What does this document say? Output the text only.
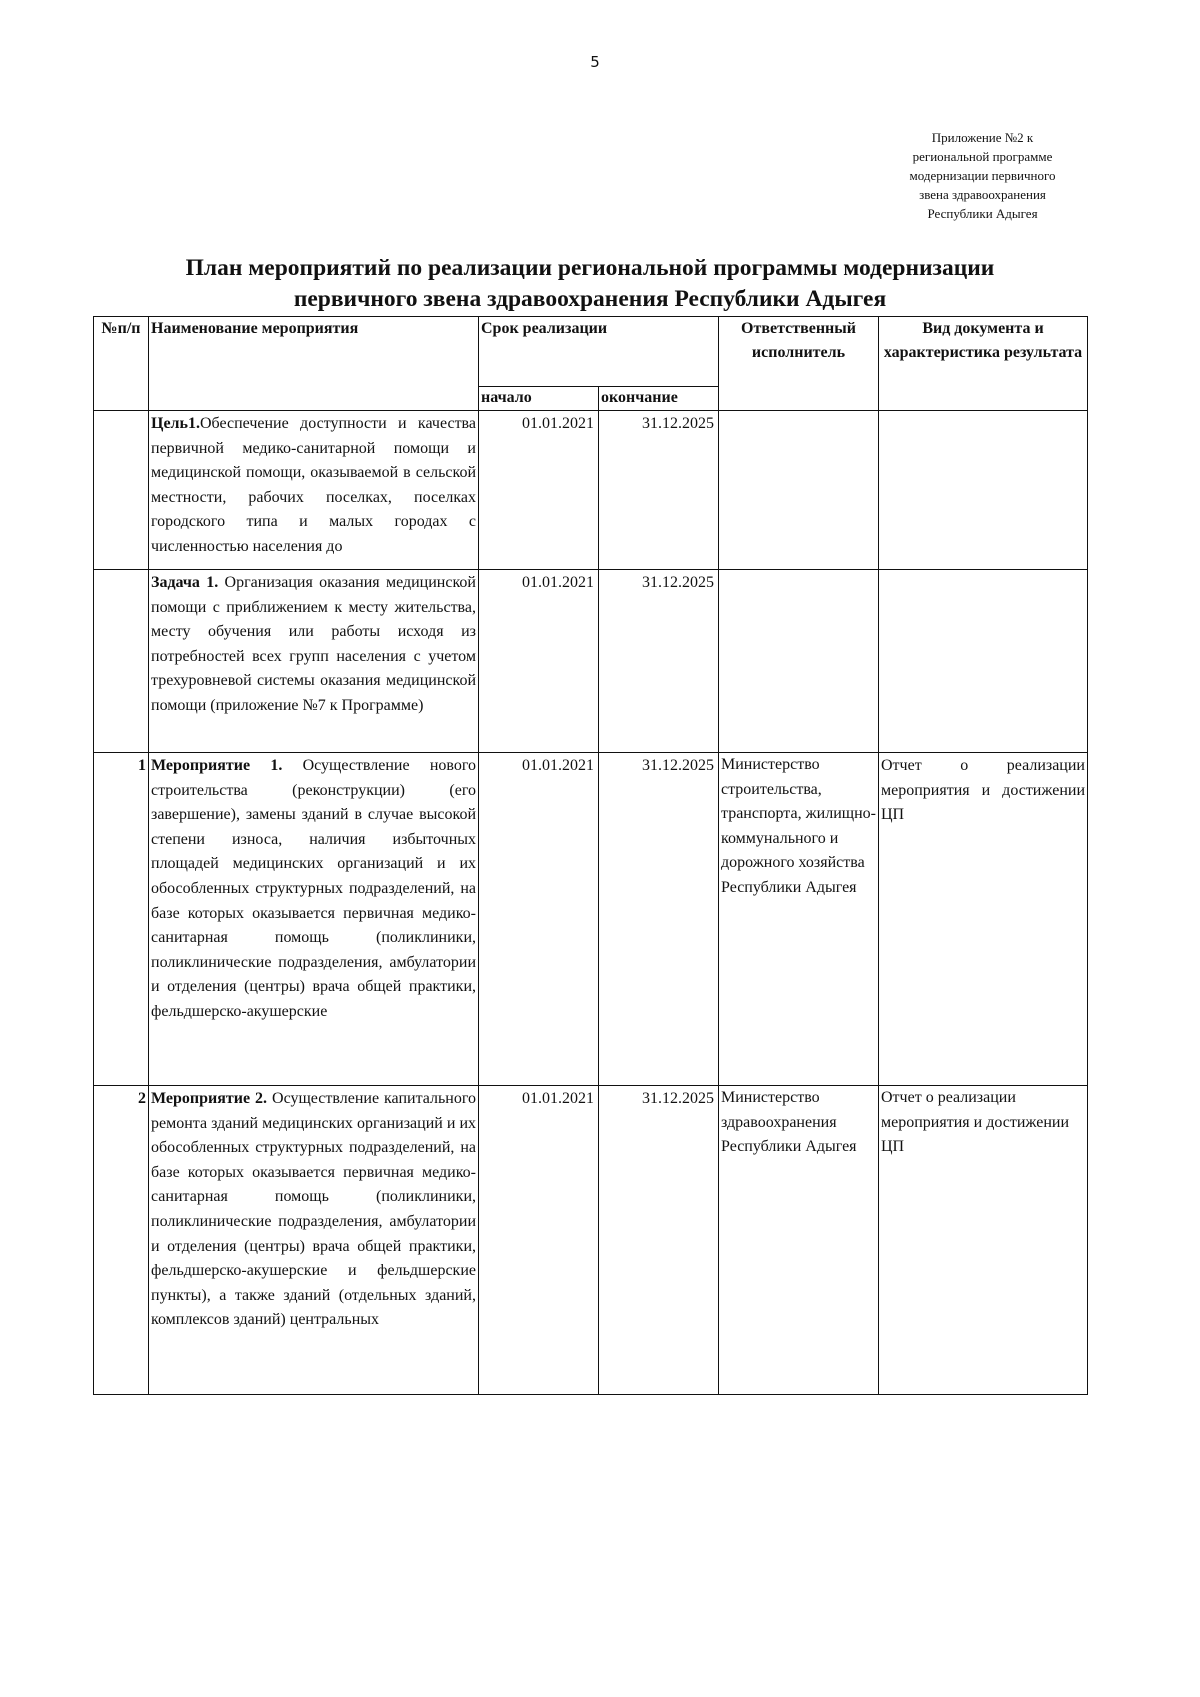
5
Приложение №2 к
региональной программе
модернизации первичного
звена здравоохранения
Республики Адыгея
План мероприятий по реализации региональной программы модернизации
первичного звена здравоохранения Республики Адыгея
№п/п	Наименование мероприятия	Срок реализации		Ответственный исполнитель	Вид документа и характеристика результата
		начало	окончание		

	Цель1.Обеспечение доступности и качества первичной медико-санитарной помощи и медицинской помощи, оказываемой в сельской местности, рабочих поселках, поселках городского типа и малых городах с численностью населения до	01.01.2021	31.12.2025		

	Задача 1. Организация оказания медицинской помощи с приближением к месту жительства, месту обучения или работы исходя из потребностей всех групп населения с учетом трехуровневой системы оказания медицинской помощи (приложение №7 к Программе)	01.01.2021	31.12.2025		
1	Мероприятие 1. Осуществление нового строительства (реконструкции) (его завершение), замены зданий в случае высокой степени износа, наличия избыточных площадей медицинских организаций и их обособленных структурных подразделений, на базе которых оказывается первичная медико-санитарная помощь (поликлиники, поликлинические подразделения, амбулатории и отделения (центры) врача общей практики, фельдшерско-акушерские	01.01.2021	31.12.2025	Министерство строительства, транспорта, жилищно-коммунального и дорожного хозяйства Республики Адыгея	Отчет о реализации мероприятия и достижении ЦП
2	Мероприятие 2. Осуществление капитального ремонта зданий медицинских организаций и их обособленных структурных подразделений, на базе которых оказывается первичная медико-санитарная помощь (поликлиники, поликлинические подразделения, амбулатории и отделения (центры) врача общей практики, фельдшерско-акушерские и фельдшерские пункты), а также зданий (отдельных зданий, комплексов зданий) центральных	01.01.2021	31.12.2025	Министерство здравоохранения Республики Адыгея	Отчет о реализации мероприятия и достижении ЦП
